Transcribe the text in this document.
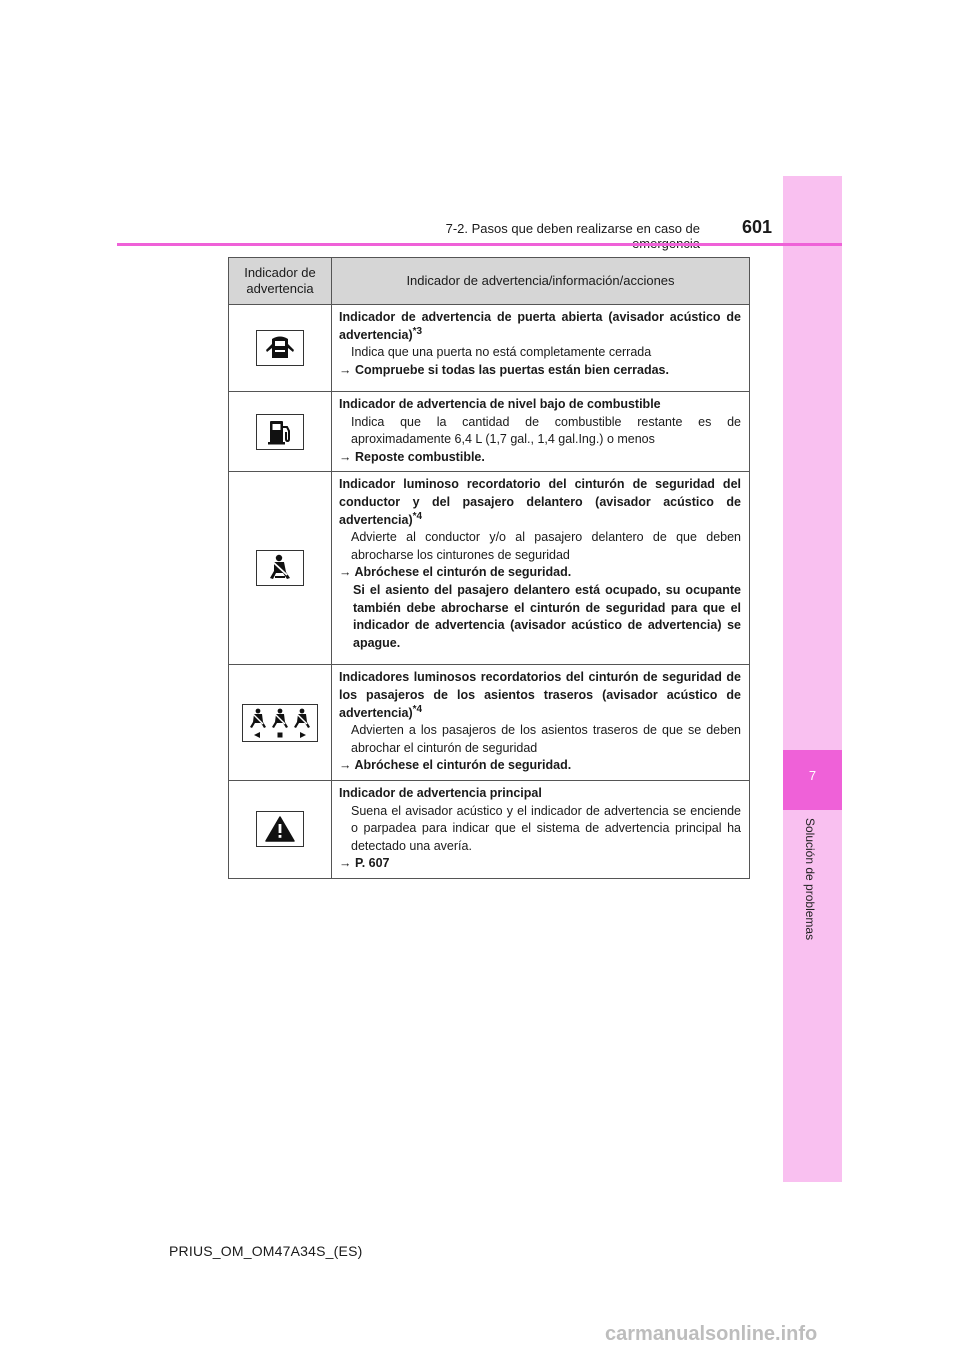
7
Solución de problemas
7-2. Pasos que deben realizarse en caso de 601
Indicador de advertencia	Indicador de advertencia/información/acciones

Indicador de advertencia de puerta abierta (avisador acústico de advertencia)$^{*3}$
Indica que una puerta no está completamente cerrada
→ Compruebe si todas las puertas están bien cerradas.

Indicador de advertencia de nivel bajo de combustible
Indica que la cantidad de combustible restante es de aproximadamente 6,4 L (1,7 gal., 1,4 gal.Ing.) o menos
→ Reposte combustible.

Indicador luminoso recordatorio del cinturón de seguridad del conductor y del pasajero delantero (avisador acústico de advertencia)$^{*4}$
Advierte al conductor y/o al pasajero delantero de que deben abrocharse los cinturones de seguridad
→ Abróchese el cinturón de seguridad.
Si el asiento del pasajero delantero está ocupado, su ocupante también debe abrocharse el cinturón de seguridad para que el indicador de advertencia (avisador acústico de advertencia) se apague.

Indicadores luminosos recordatorios del cinturón de seguridad de los pasajeros de los asientos traseros (avisador acústico de advertencia)$^{*4}$
Advierten a los pasajeros de los asientos traseros de que se deben abrochar el cinturón de seguridad
→ Abróchese el cinturón de seguridad.

Indicador de advertencia principal
Suena el avisador acústico y el indicador de advertencia se enciende o parpadea para indicar que el sistema de advertencia principal ha detectado una avería.
→ P. 607
PRIUS_OM_OM47A34S_(ES)
carmanualsonline.info
